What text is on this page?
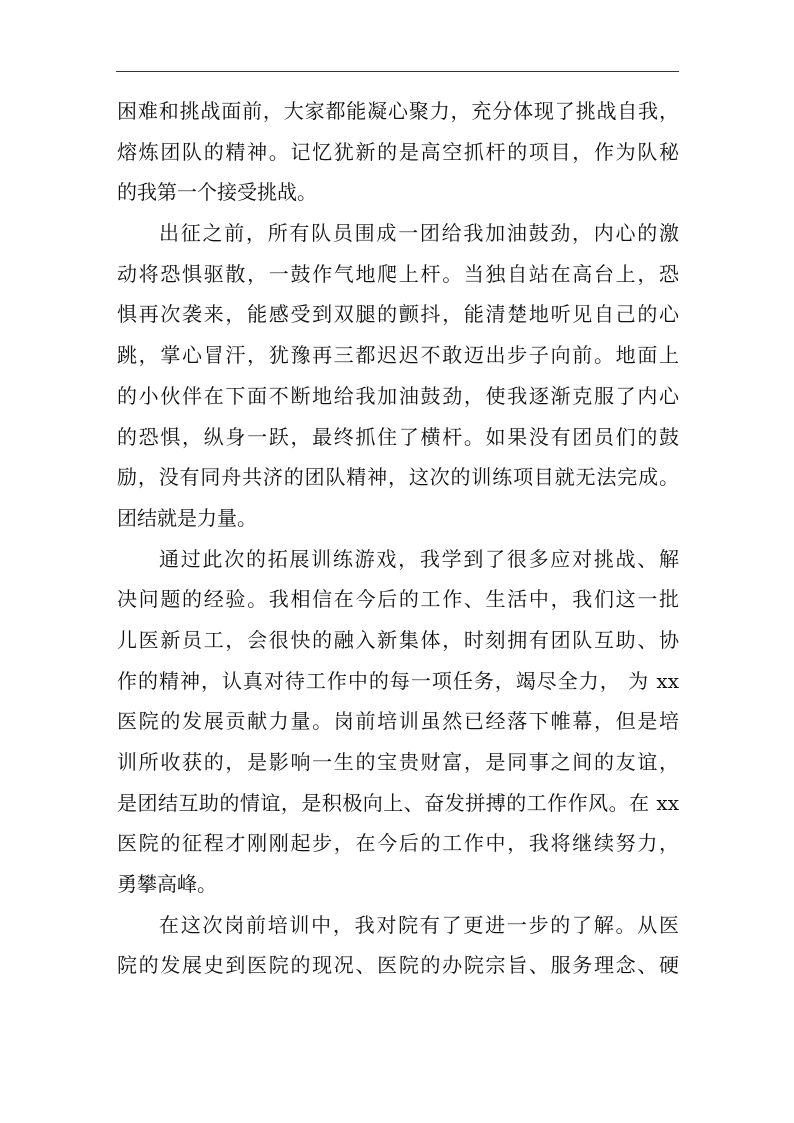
困难和挑战面前，大家都能凝心聚力，充分体现了挑战自我，
熔炼团队的精神。记忆犹新的是高空抓杆的项目，作为队秘
的我第一个接受挑战。
出征之前，所有队员围成一团给我加油鼓劲，内心的激
动将恐惧驱散，一鼓作气地爬上杆。当独自站在高台上，恐
惧再次袭来，能感受到双腿的颤抖，能清楚地听见自己的心
跳，掌心冒汗，犹豫再三都迟迟不敢迈出步子向前。地面上
的小伙伴在下面不断地给我加油鼓劲，使我逐渐克服了内心
的恐惧，纵身一跃，最终抓住了横杆。如果没有团员们的鼓
励，没有同舟共济的团队精神，这次的训练项目就无法完成。
团结就是力量。
通过此次的拓展训练游戏，我学到了很多应对挑战、解
决问题的经验。我相信在今后的工作、生活中，我们这一批
儿医新员工，会很快的融入新集体，时刻拥有团队互助、协
作的精神，认真对待工作中的每一项任务，竭尽全力， 为 xx
医院的发展贡献力量。岗前培训虽然已经落下帷幕，但是培
训所收获的，是影响一生的宝贵财富，是同事之间的友谊，
是团结互助的情谊，是积极向上、奋发拼搏的工作作风。在 xx
医院的征程才刚刚起步，在今后的工作中，我将继续努力，
勇攀高峰。
在这次岗前培训中，我对院有了更进一步的了解。从医
院的发展史到医院的现况、医院的办院宗旨、服务理念、硬
